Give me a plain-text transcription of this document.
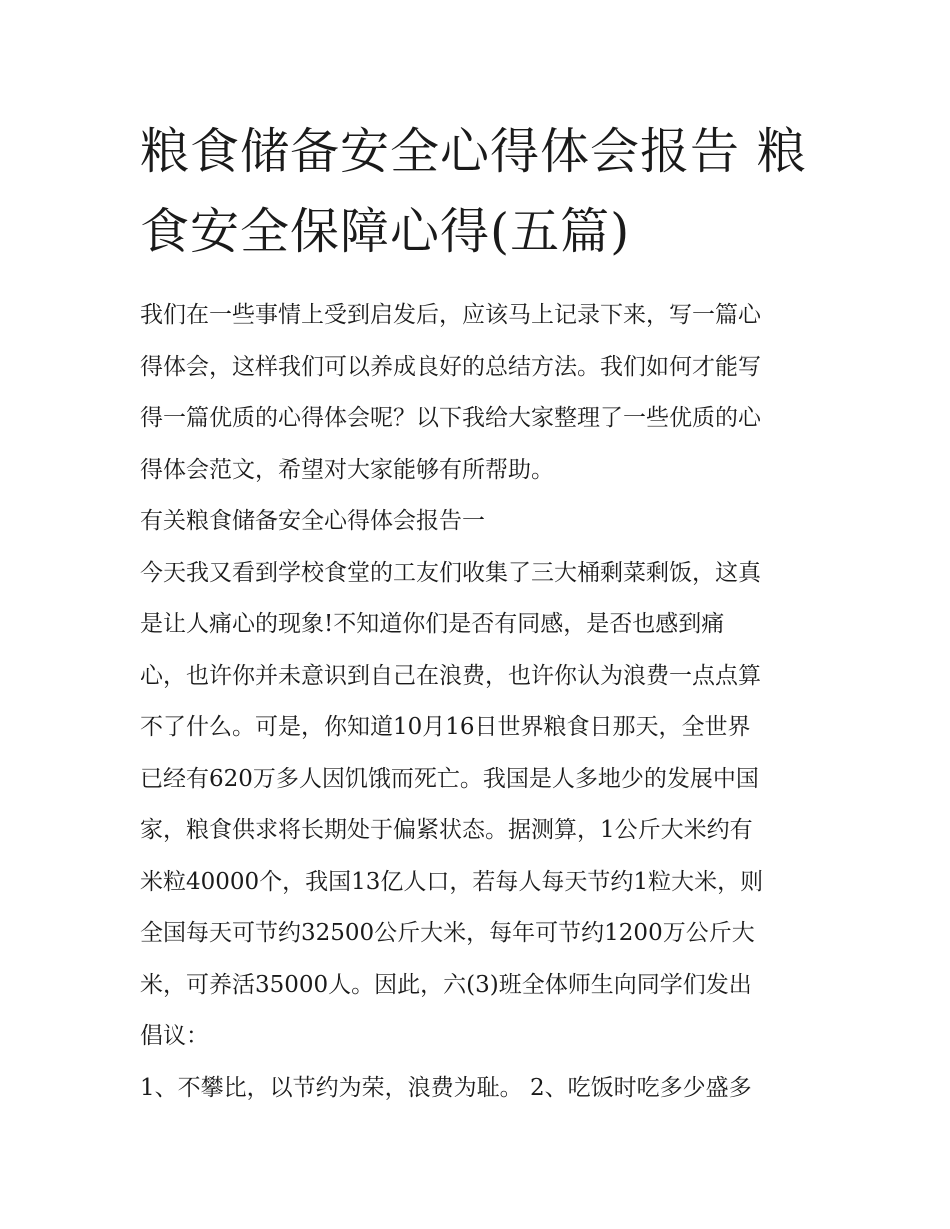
粮食储备安全心得体会报告 粮
食安全保障心得(五篇)

我们在一些事情上受到启发后，应该马上记录下来，写一篇心
得体会，这样我们可以养成良好的总结方法。我们如何才能写
得一篇优质的心得体会呢？以下我给大家整理了一些优质的心
得体会范文，希望对大家能够有所帮助。

有关粮食储备安全心得体会报告一

今天我又看到学校食堂的工友们收集了三大桶剩菜剩饭，这真
是让人痛心的现象!不知道你们是否有同感，是否也感到痛
心，也许你并未意识到自己在浪费，也许你认为浪费一点点算
不了什么。可是，你知道10月16日世界粮食日那天，全世界
已经有620万多人因饥饿而死亡。我国是人多地少的发展中国
家，粮食供求将长期处于偏紧状态。据测算，1公斤大米约有
米粒40000个，我国13亿人口，若每人每天节约1粒大米，则
全国每天可节约32500公斤大米，每年可节约1200万公斤大
米，可养活35000人。因此，六(3)班全体师生向同学们发出
倡议：

1、不攀比，以节约为荣，浪费为耻。 2、吃饭时吃多少盛多
